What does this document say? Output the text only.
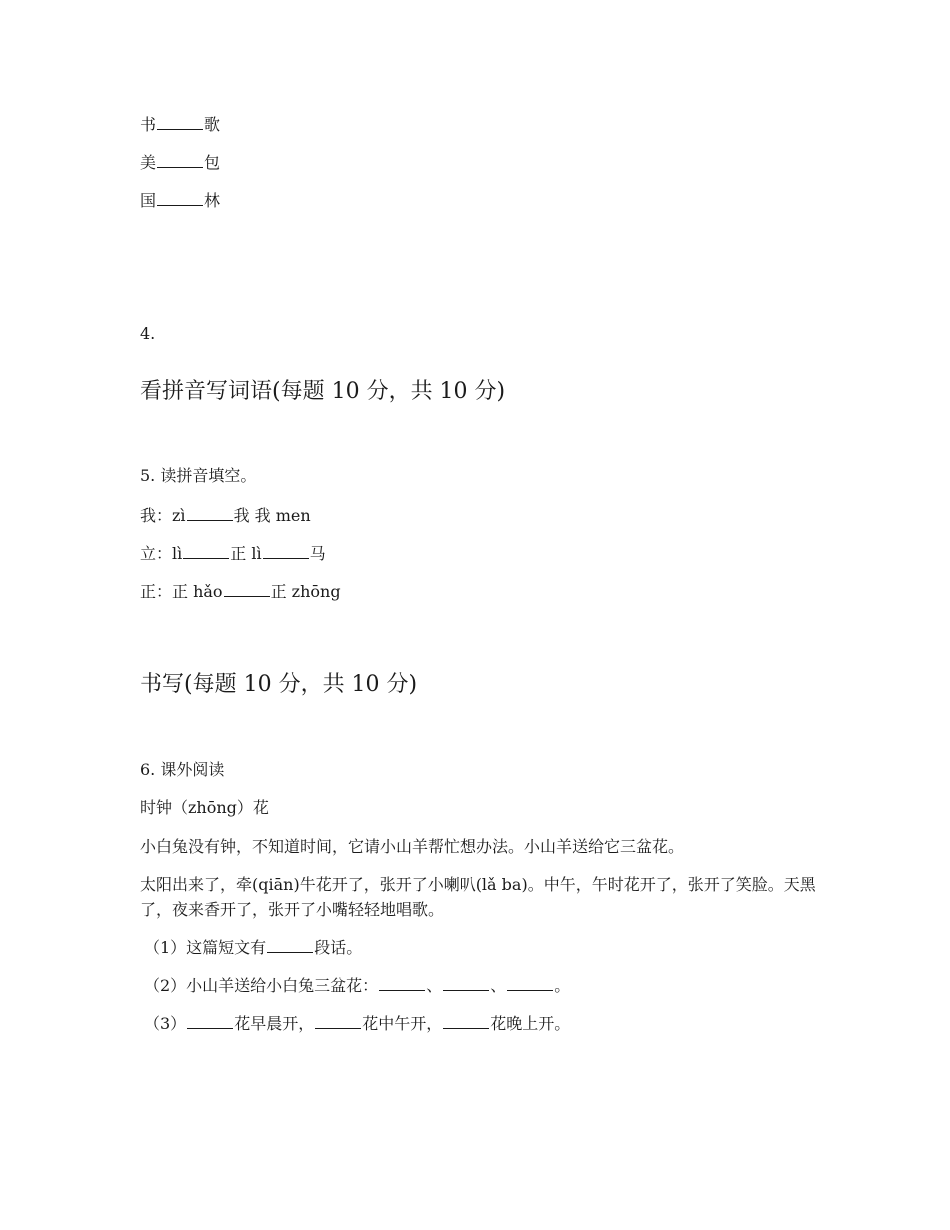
书	歌
美	包
国	林
4.
看拼音写词语(每题 10 分，共 10 分)
5. 读拼音填空。
我：zì	我 我 men
立：lì	正 lì	马
正：正 hǎo	正 zhōng
书写(每题 10 分，共 10 分)
6. 课外阅读
时钟（zhōng）花
小白兔没有钟，不知道时间，它请小山羊帮忙想办法。小山羊送给它三盆花。
太阳出来了，牵(qiān)牛花开了，张开了小喇叭(lǎ ba)。中午，午时花开了，张开了笑脸。天黑了，夜来香开了，张开了小嘴轻轻地唱歌。
（1）这篇短文有	段话。
（2）小山羊送给小白兔三盆花：	、	、	。
（3）	花早晨开，	花中午开，	花晚上开。
